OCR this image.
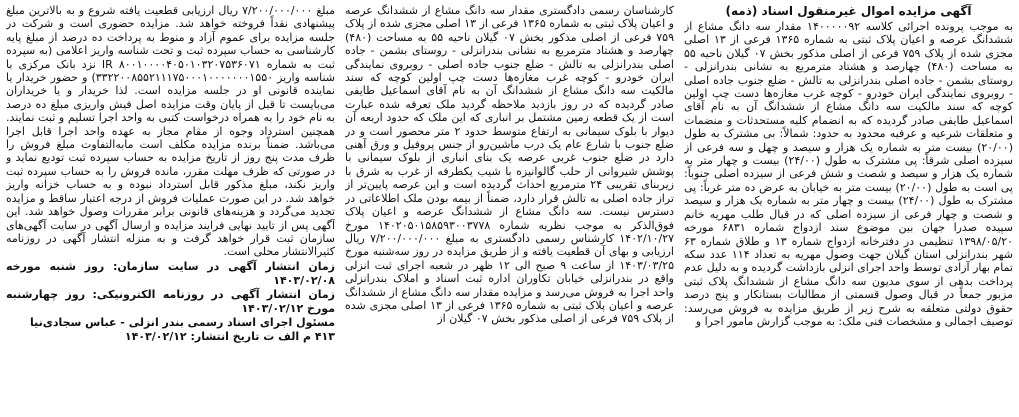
آگهی مزایده اموال غیرمنقول اسناد (ذمه)

به موجب پرونده اجرائی کلاسه ۱۴۰۰۰۰۰۹۲ مقدار سه دانگ مشاع از ششدانگ عرصه و اعیان پلاک ثبتی به شماره ۱۳۶۵ فرعی از ۱۳ اصلی مجزی شده از پلاک ۷۵۹ فرعی از اصلی مذکور بخش ۰۷ گیلان ناحیه ۵۵ به مساحت (۴۸۰) چهارصد و هشتاد مترمربع به نشانی بندرانزلی - روستای بشمن - جاده اصلی بندرانزلی به تالش - ضلع جنوب جاده اصلی - روبروی نمایندگی ایران خودرو - کوچه غرب مغازه‌ها دست چپ اولین کوچه که سند مالکیت سه دانگ مشاع از ششدانگ آن به نام آقای اسماعیل طایفی صادر گردیده که به انضمام کلیه مستحدثات و منضمات و متعلقات شرعیه و عرفیه محدود به حدود: شمالاً: بی مشترک به طول (۲۰/۰۰) بیست متر به شماره یک هزار و سیصد و چهل و سه فرعی از سیزده اصلی شرقاً: پی مشترک به طول (۲۴/۰۰) بیست و چهار متر به شماره یک هزار و سیصد و شصت و شش فرعی از سیزده اصلی جنوباً: پی است به طول (۲۰/۰۰) بیست متر به خیابان به عرض ده متر غرباً: پی مشترک به طول (۲۴/۰۰) بیست و چهار متر به شماره یک هزار و سیصد و شصت و چهار فرعی از سیزده اصلی که در قبال طلب مهریه خانم سپیده صدرا جهان بین موضوع سند ازدواج شماره ۶۸۳۱ مورخه ۱۳۹۸/۰۵/۲۰ تنظیمی در دفترخانه ازدواج شماره ۱۳ و طلاق شماره ۶۳ شهر بندرانزلی استان گیلان جهت وصول مهریه به تعداد ۱۱۴ عدد سکه تمام بهار آزادی توسط واحد اجرای انزلی بازداشت گردیده و به دلیل عدم پرداخت بدهی از سوی مدیون سه دانگ مشاع از ششدانگ پلاک ثبتی مزبور جمعاً در قبال وصول قسمتی از مطالبات بستانکار و پنج درصد حقوق دولتی متعلقه به شرح زیر از طریق مزایده به فروش می‌رسد: توصیف اجمالی و مشخصات فنی ملک: به موجب گزارش مامور اجرا و

کارشناسان رسمی دادگستری مقدار سه دانگ مشاع از ششدانگ عرصه و اعیان پلاک ثبتی به شماره ۱۳۶۵ فرعی از ۱۳ اصلی مجزی شده از پلاک ۷۵۹ فرعی از اصلی مذکور بخش ۰۷ گیلان ناحیه ۵۵ به مساحت (۴۸۰) چهارصد و هشتاد مترمربع به نشانی بندرانزلی - روستای بشمن - جاده اصلی بندرانزلی به تالش - ضلع جنوب جاده اصلی - روبروی نمایندگی ایران خودرو - کوچه غرب مغازه‌ها دست چپ اولین کوچه که سند مالکیت سه دانگ مشاع از ششدانگ آن به نام آقای اسماعیل طایفی صادر گردیده که در روز بازدید ملاحظه گردید ملک تعرفه شده عبارت است از یک قطعه زمین مشتمل بر انباری که این ملک که حدود اربعه آن دیوار با بلوک سیمانی به ارتفاع متوسط حدود ۲ متر محصور است و در ضلع جنوب با شارع عام یک درب ماشین‌رو از جنس پروفیل و ورق آهنی دارد در ضلع جنوب غربی عرصه یک بنای انباری از بلوک سیمانی با پوشش شیروانی از حلب گالوانیزه با شیب یکطرفه از غرب به شرق با زیربنای تقریبی ۲۴ مترمربع احداث گردیده است و این عرصه پایین‌تر از تراز جاده اصلی به تالش قرار دارد، ضمناً از بیمه بودن ملک اطلاعاتی در دسترس نیست. سه دانگ مشاع از ششدانگ عرصه و اعیان پلاک فوق‌الذکر به موجب نظریه شماره ۱۴۰۲۰۵۰۱۵۸۵۹۳۰۰۳۷۷۸ مورخ ۱۴۰۲/۱۰/۲۷ کارشناس رسمی دادگستری به مبلغ ۷/۲۰۰/۰۰۰/۰۰۰ ریال ارزیابی و بهای آن قطعیت یافته و از طریق مزایده در روز سه‌شنبه مورخ ۱۴۰۳/۰۳/۲۵ از ساعت ۹ صبح الی ۱۲ ظهر در شعبه اجرای ثبت انزلی واقع در بندرانزلی خیابان تکاوران اداره ثبت اسناد و املاک بندرانزلی واحد اجرا به فروش می‌رسد و مزایده مقدار سه دانگ مشاع از ششدانگ عرصه و اعیان پلاک ثبتی به شماره ۱۳۶۵ فرعی از ۱۳ اصلی مجزی شده از پلاک ۷۵۹ فرعی از اصلی مذکور بخش ۰۷ گیلان از

مبلغ ۷/۲۰۰/۰۰۰/۰۰۰ ریال ارزیابی قطعیت یافته شروع و به بالاترین مبلغ پیشنهادی نقداً فروخته خواهد شد. مزایده حضوری است و شرکت در جلسه مزایده برای عموم آزاد و منوط به پرداخت ده درصد از مبلغ پایه کارشناسی به حساب سپرده ثبت و تحت شناسه واریز اعلامی (به سپرده ثبت به شماره IR ۸۰۰۱۰۰۰۰۴۰۵۰۱۰۳۲۰۷۵۳۶۰۷۱ نزد بانک مرکزی با شناسه واریز ۳۳۲۲۰۰۸۵۵۲۱۱۱۷۵۰۰۰۱۰۰۰۰۰۰۰۱۵۵۰) و حضور خریدار یا نماینده قانونی او در جلسه مزایده است. لذا خریدار و یا خریداران می‌بایست تا قبل از پایان وقت مزایده اصل فیش واریزی مبلغ ده درصد به نام خود را به همراه درخواست کتبی به واحد اجرا تسلیم و ثبت نمایند. همچنین استرداد وجوه از مقام مجاز به عهده واحد اجرا قابل اجرا می‌باشد. ضمناً برنده مزایده مکلف است مابه‌التفاوت مبلغ فروش را ظرف مدت پنج روز از تاریخ مزایده به حساب سپرده ثبت تودیع نماید و در صورتی که ظرف مهلت مقرر، مانده فروش را به حساب سپرده ثبت واریز نکند، مبلغ مذکور قابل استرداد نبوده و به حساب خزانه واریز خواهد شد. در این صورت عملیات فروش از درجه اعتبار ساقط و مزایده تجدید می‌گردد و هزینه‌های قانونی برابر مقررات وصول خواهد شد. این آگهی پس از تایید نهایی فرایند مزایده و ارسال آگهی در سایت آگهی‌های سازمان ثبت قرار خواهد گرفت و به منزله انتشار آگهی در روزنامه کثیرالانتشار محلی است.

زمان انتشار آگهی در سایت سازمان: روز شنبه مورخه ۱۴۰۳/۰۲/۰۸
زمان انتشار آگهی در روزنامه الکترونیکی: روز چهارشنبه مورخ ۱۴۰۳/۰۲/۱۲
مسئول اجرای اسناد رسمی بندر انزلی - عباس سجادی‌نیا
۴۱۳ م الف ت تاریخ انتشار: ۱۴۰۳/۰۲/۱۲
